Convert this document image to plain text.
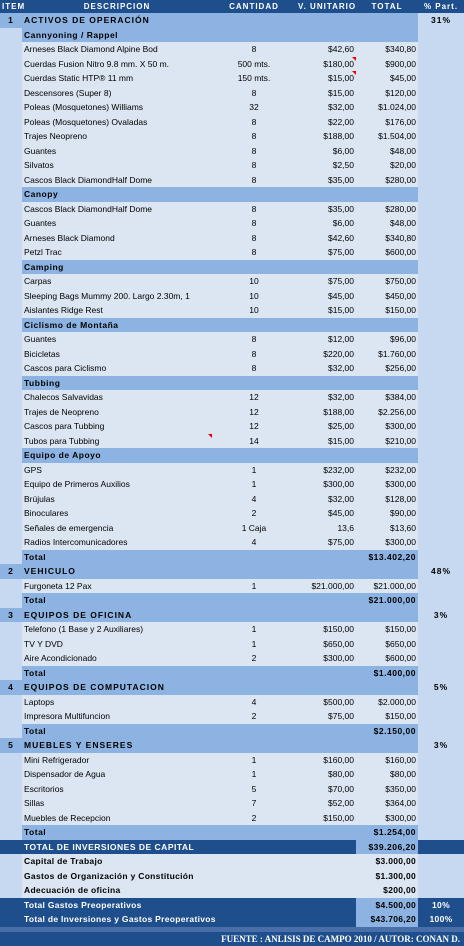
ITEM	DESCRIPCION	CANTIDAD	V. UNITARIO	TOTAL	% Part.
1	ACTIVOS DE OPERACIÓN				31%
	Cannyoning / Rappel				
	Arneses Black Diamond Alpine Bod	8	$42,60	$340,80	
	Cuerdas Fusion Nitro 9.8 mm. X 50 m.	500 mts.	$180,00	$900,00	
	Cuerdas Static HTP® 11 mm	150 mts.	$15,00	$45,00	
	Descensores (Super 8)	8	$15,00	$120,00	
	Poleas (Mosquetones) Williams	32	$32,00	$1.024,00	
	Poleas (Mosquetones) Ovaladas	8	$22,00	$176,00	
	Trajes Neopreno	8	$188,00	$1.504,00	
	Guantes	8	$6,00	$48,00	
	Silvatos	8	$2,50	$20,00	
	Cascos Black DiamondHalf Dome	8	$35,00	$280,00	
	Canopy				
	Cascos Black DiamondHalf Dome	8	$35,00	$280,00	
	Guantes	8	$6,00	$48,00	
	Arneses Black Diamond	8	$42,60	$340,80	
	Petzl Trac	8	$75,00	$600,00	
	Camping				
	Carpas	10	$75,00	$750,00	
	Sleeping Bags Mummy 200. Largo 2.30m, 1	10	$45,00	$450,00	
	Aislantes Ridge Rest	10	$15,00	$150,00	
	Ciclismo de Montaña				
	Guantes	8	$12,00	$96,00	
	Bicicletas	8	$220,00	$1.760,00	
	Cascos para Ciclismo	8	$32,00	$256,00	
	Tubbing				
	Chalecos Salvavidas	12	$32,00	$384,00	
	Trajes de Neopreno	12	$188,00	$2.256,00	
	Cascos para Tubbing	12	$25,00	$300,00	
	Tubos para Tubbing	14	$15,00	$210,00	
	Equipo de Apoyo				
	GPS	1	$232,00	$232,00	
	Equipo de Primeros Auxilios	1	$300,00	$300,00	
	Brújulas	4	$32,00	$128,00	
	Binoculares	2	$45,00	$90,00	
	Señales de emergencia	1 Caja	13,6	$13,60	
	Radios Intercomunicadores	4	$75,00	$300,00	
	Total			$13.402,20	
2	VEHICULO				48%
	Furgoneta 12 Pax	1	$21.000,00	$21.000,00	
	Total			$21.000,00	
3	EQUIPOS DE OFICINA				3%
	Telefono (1 Base y 2 Auxiliares)	1	$150,00	$150,00	
	TV Y DVD	1	$650,00	$650,00	
	Aire Acondicionado	2	$300,00	$600,00	
	Total			$1.400,00	
4	EQUIPOS DE COMPUTACION				5%
	Laptops	4	$500,00	$2.000,00	
	Impresora Multifuncion	2	$75,00	$150,00	
	Total			$2.150,00	
5	MUEBLES Y ENSERES				3%
	Mini Refrigerador	1	$160,00	$160,00	
	Dispensador de Agua	1	$80,00	$80,00	
	Escritorios	5	$70,00	$350,00	
	Sillas	7	$52,00	$364,00	
	Muebles de Recepcion	2	$150,00	$300,00	
	Total			$1.254,00	
	TOTAL DE INVERSIONES DE CAPITAL			$39.206,20	
	Capital de Trabajo			$3.000,00	
	Gastos de Organización y Constitución			$1.300,00	
	Adecuación de oficina			$200,00	
	Total Gastos Preoperativos			$4.500,00	10%
	Total de Inversiones y Gastos Preoperativos			$43.706,20	100%
FUENTE : ANLISIS DE CAMPO 2010 / AUTOR: CONAN D.
